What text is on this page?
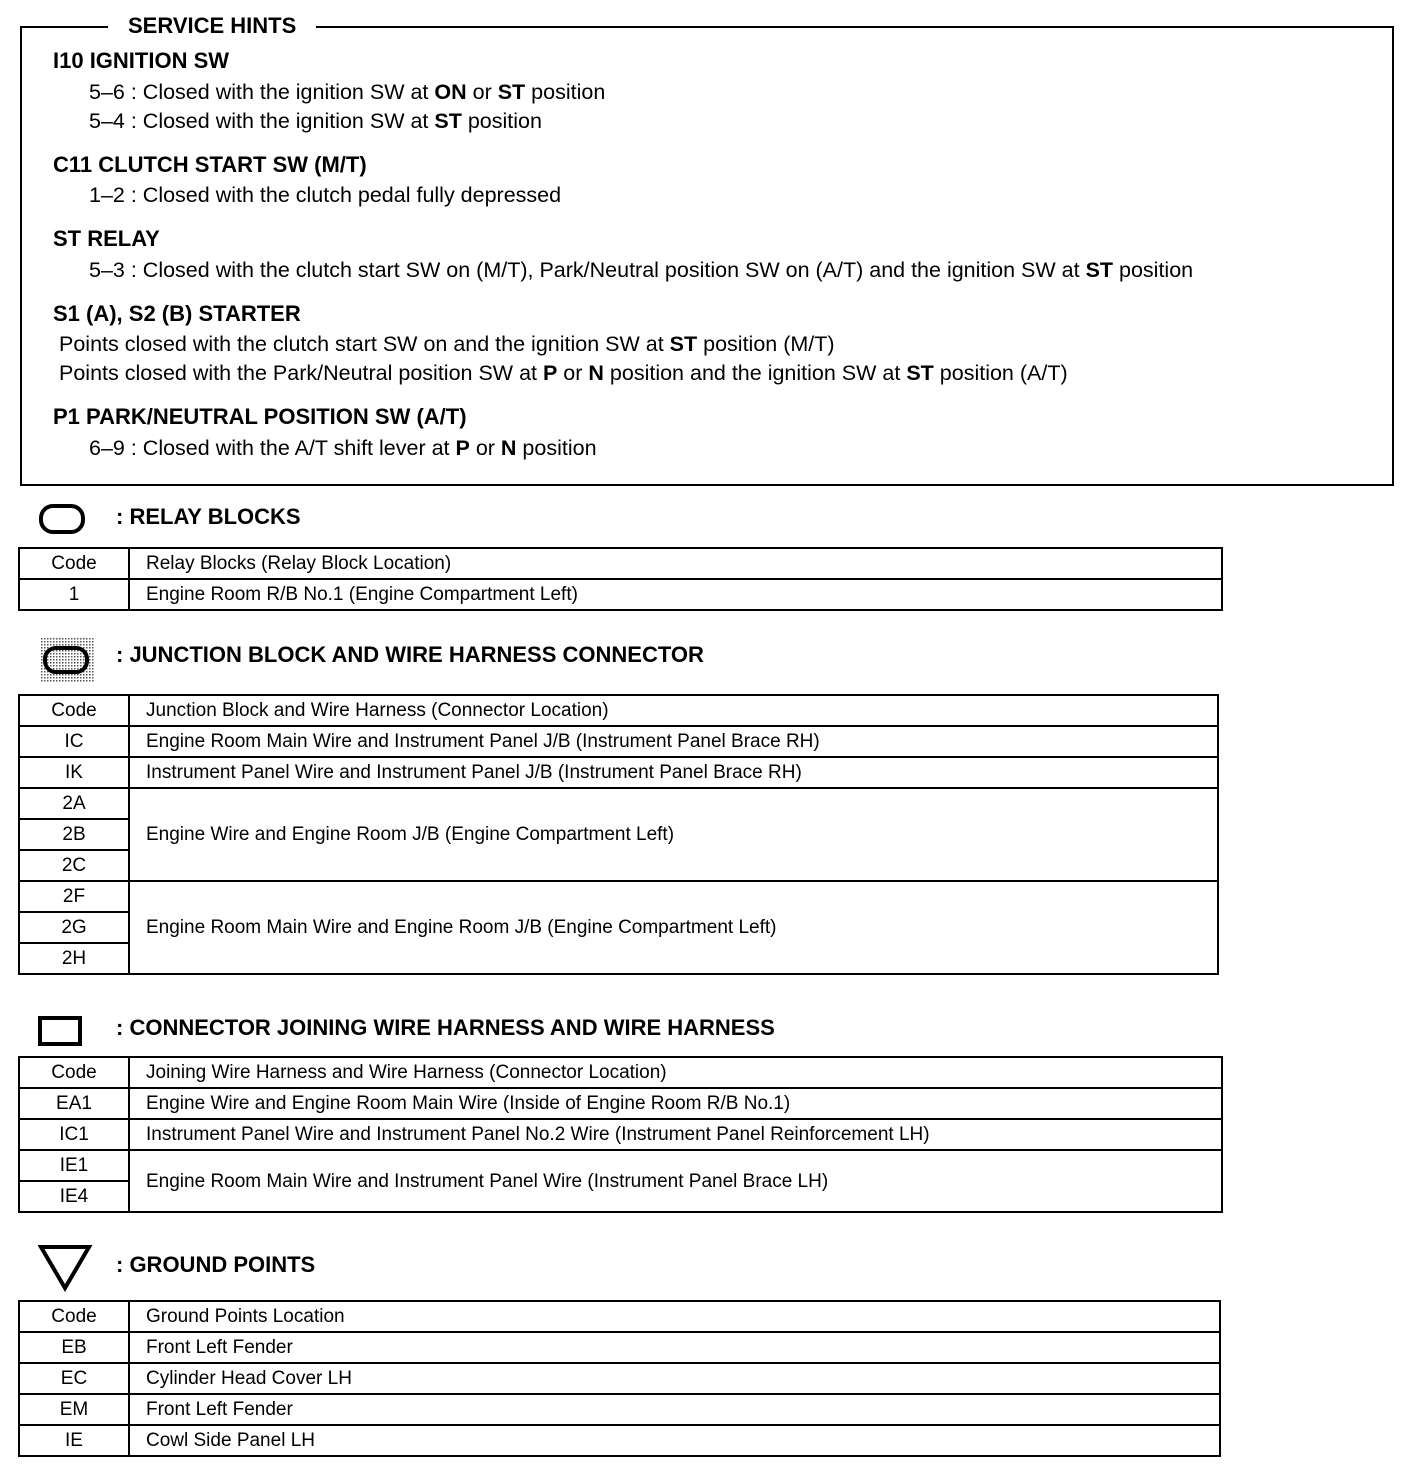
SERVICE HINTS
I10 IGNITION SW
5–6 : Closed with the ignition SW at ON or ST position
5–4 : Closed with the ignition SW at ST position
C11 CLUTCH START SW (M/T)
1–2 : Closed with the clutch pedal fully depressed
ST RELAY
5–3 : Closed with the clutch start SW on (M/T), Park/Neutral position SW on (A/T) and the ignition SW at ST position
S1 (A), S2 (B) STARTER
Points closed with the clutch start SW on and the ignition SW at ST position (M/T)
Points closed with the Park/Neutral position SW at P or N position and the ignition SW at ST position (A/T)
P1 PARK/NEUTRAL POSITION SW (A/T)
6–9 : Closed with the A/T shift lever at P or N position
: RELAY BLOCKS
Code	Relay Blocks (Relay Block Location)
1	Engine Room R/B No.1 (Engine Compartment Left)
: JUNCTION BLOCK AND WIRE HARNESS CONNECTOR
Code	Junction Block and Wire Harness (Connector Location)
IC	Engine Room Main Wire and Instrument Panel J/B (Instrument Panel Brace RH)
IK	Instrument Panel Wire and Instrument Panel J/B (Instrument Panel Brace RH)
2A	Engine Wire and Engine Room J/B (Engine Compartment Left)
2B	
2C	
2F	Engine Room Main Wire and Engine Room J/B (Engine Compartment Left)
2G	
2H	
: CONNECTOR JOINING WIRE HARNESS AND WIRE HARNESS
Code	Joining Wire Harness and Wire Harness (Connector Location)
EA1	Engine Wire and Engine Room Main Wire (Inside of Engine Room R/B No.1)
IC1	Instrument Panel Wire and Instrument Panel No.2 Wire (Instrument Panel Reinforcement LH)
IE1	Engine Room Main Wire and Instrument Panel Wire (Instrument Panel Brace LH)
IE4	
: GROUND POINTS
Code	Ground Points Location
EB	Front Left Fender
EC	Cylinder Head Cover LH
EM	Front Left Fender
IE	Cowl Side Panel LH
